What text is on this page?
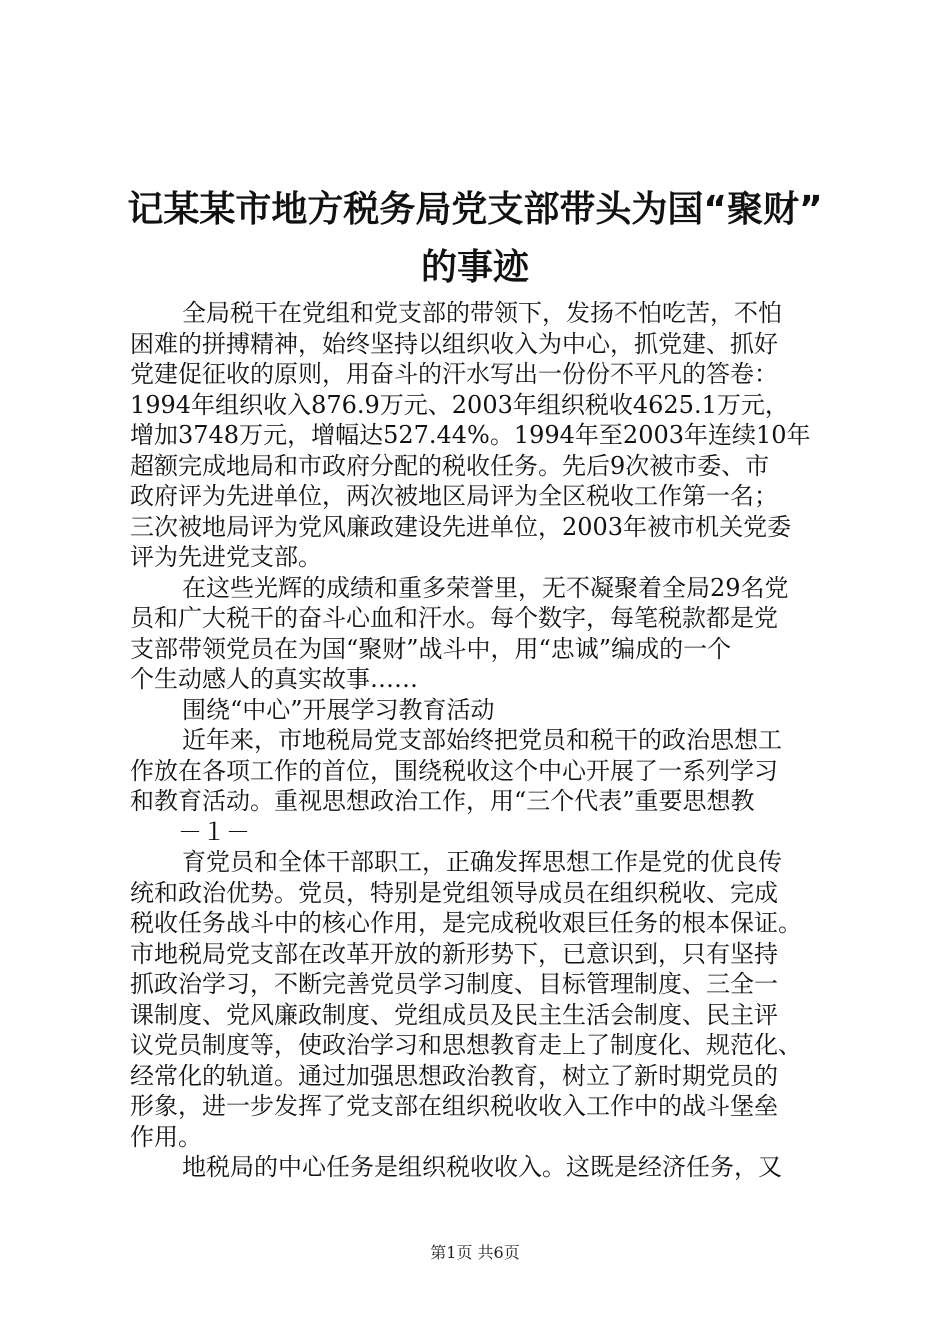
记某某市地方税务局党支部带头为国“聚财”
的事迹
全局税干在党组和党支部的带领下，发扬不怕吃苦，不怕
困难的拼搏精神，始终坚持以组织收入为中心，抓党建、抓好
党建促征收的原则，用奋斗的汗水写出一份份不平凡的答卷：
1994年组织收入876.9万元、2003年组织税收4625.1万元，
增加3748万元，增幅达527.44%。1994年至2003年连续10年
超额完成地局和市政府分配的税收任务。先后9次被市委、市
政府评为先进单位，两次被地区局评为全区税收工作第一名；
三次被地局评为党风廉政建设先进单位，2003年被市机关党委
评为先进党支部。
在这些光辉的成绩和重多荣誉里，无不凝聚着全局29名党
员和广大税干的奋斗心血和汗水。每个数字，每笔税款都是党
支部带领党员在为国“聚财”战斗中，用“忠诚”编成的一个
个生动感人的真实故事……
围绕“中心”开展学习教育活动
近年来，市地税局党支部始终把党员和税干的政治思想工
作放在各项工作的首位，围绕税收这个中心开展了一系列学习
和教育活动。重视思想政治工作，用“三个代表”重要思想教
－１－
育党员和全体干部职工，正确发挥思想工作是党的优良传
统和政治优势。党员，特别是党组领导成员在组织税收、完成
税收任务战斗中的核心作用，是完成税收艰巨任务的根本保证。
市地税局党支部在改革开放的新形势下，已意识到，只有坚持
抓政治学习，不断完善党员学习制度、目标管理制度、三全一
课制度、党风廉政制度、党组成员及民主生活会制度、民主评
议党员制度等，使政治学习和思想教育走上了制度化、规范化、
经常化的轨道。通过加强思想政治教育，树立了新时期党员的
形象，进一步发挥了党支部在组织税收收入工作中的战斗堡垒
作用。
地税局的中心任务是组织税收收入。这既是经济任务，又
第1页 共6页
